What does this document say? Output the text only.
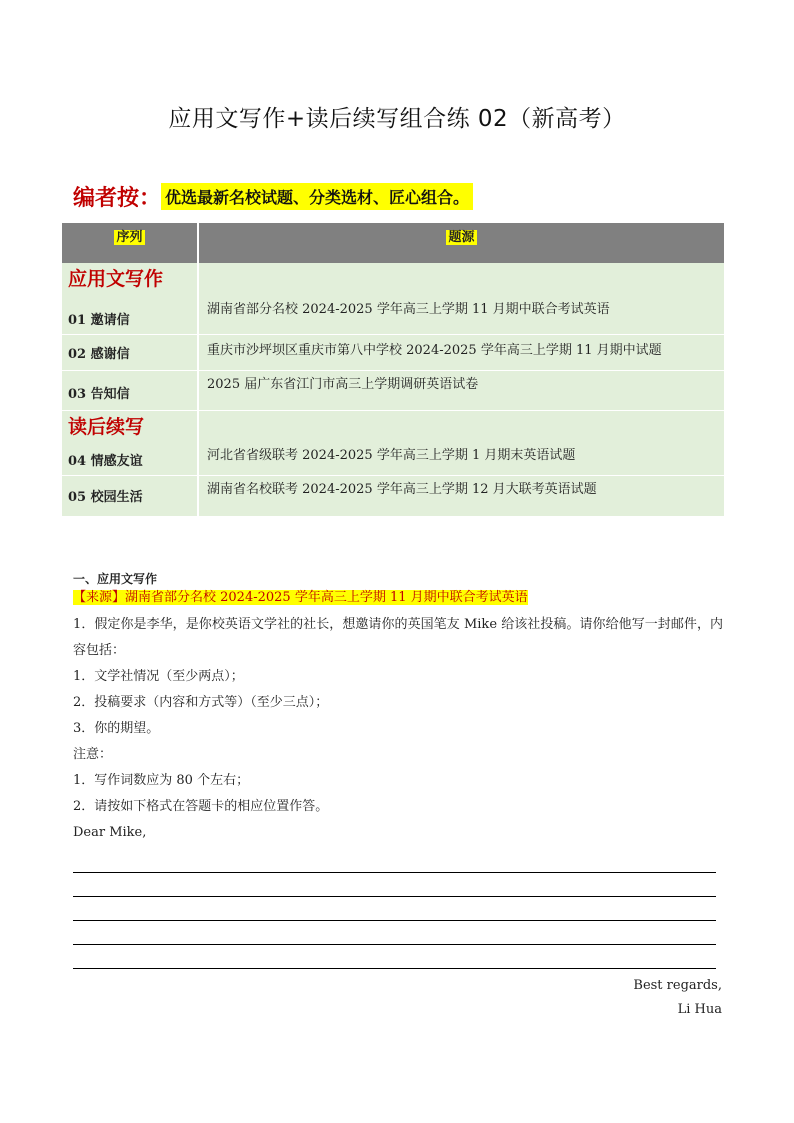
应用文写作+读后续写组合练 02（新高考）
编者按： 优选最新名校试题、分类选材、匠心组合。
序列	题源
应用文写作	
01 邀请信	湖南省部分名校 2024-2025 学年高三上学期 11 月期中联合考试英语
02 感谢信	重庆市沙坪坝区重庆市第八中学校 2024-2025 学年高三上学期 11 月期中试题
03 告知信	2025 届广东省江门市高三上学期调研英语试卷
读后续写	
04 情感友谊	河北省省级联考 2024-2025 学年高三上学期 1 月期末英语试题
05 校园生活	湖南省名校联考 2024-2025 学年高三上学期 12 月大联考英语试题
一、应用文写作
【来源】湖南省部分名校 2024-2025 学年高三上学期 11 月期中联合考试英语

1．假定你是李华，是你校英语文学社的社长，想邀请你的英国笔友 Mike 给该社投稿。请你给他写一封邮件，内容包括：

1．文学社情况（至少两点）；

2．投稿要求（内容和方式等）（至少三点）；

3．你的期望。

注意：

1．写作词数应为 80 个左右；

2．请按如下格式在答题卡的相应位置作答。

Dear Mike,

Best regards,
Li Hua
